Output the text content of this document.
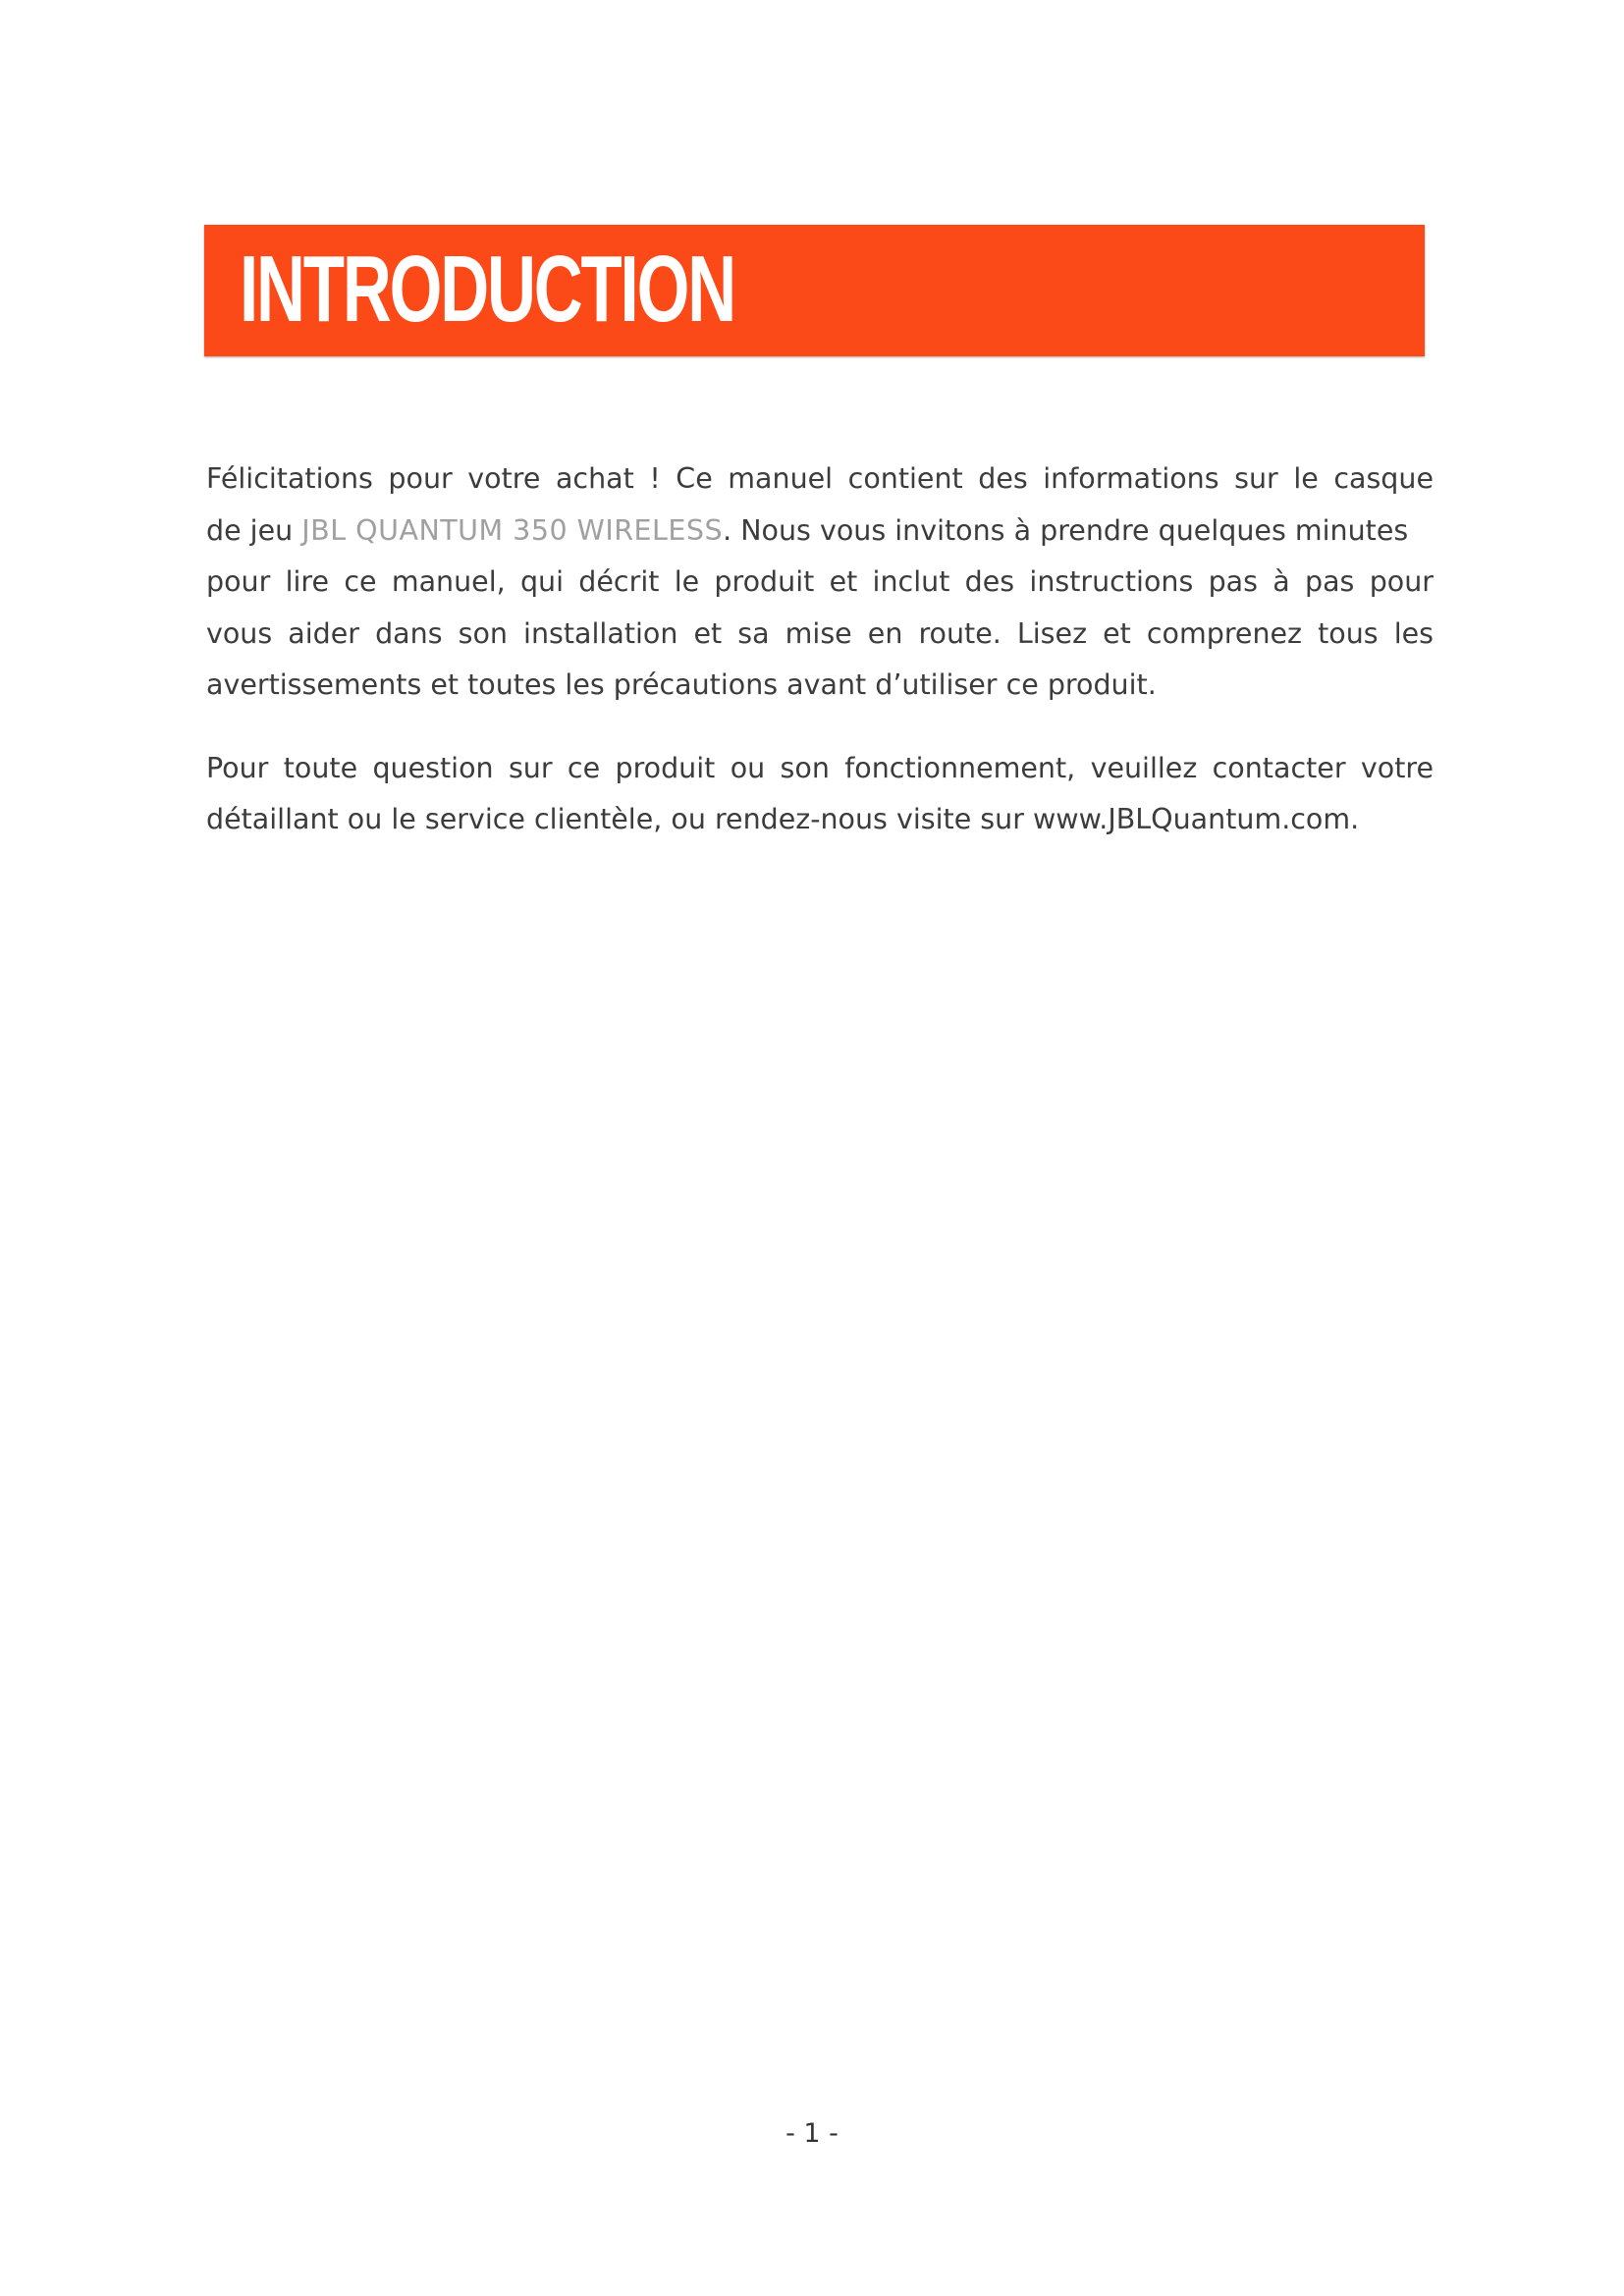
INTRODUCTION

Félicitations pour votre achat ! Ce manuel contient des informations sur le casque
de jeu JBL QUANTUM 350 WIRELESS. Nous vous invitons à prendre quelques minutes
pour lire ce manuel, qui décrit le produit et inclut des instructions pas à pas pour
vous aider dans son installation et sa mise en route. Lisez et comprenez tous les
avertissements et toutes les précautions avant d’utiliser ce produit.

Pour toute question sur ce produit ou son fonctionnement, veuillez contacter votre
détaillant ou le service clientèle, ou rendez-nous visite sur www.JBLQuantum.com.

- 1 -
